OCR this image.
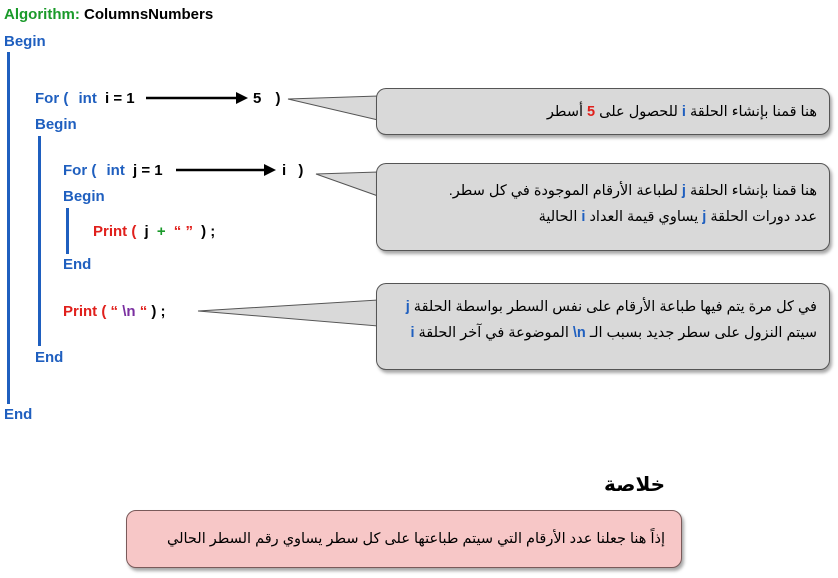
Algorithm: ColumnsNumbers
Begin
End
For ( int i = 1	5 )
Begin
End
For ( int j = 1	i )
Begin
End
Print ( j + “ ” ) ;
Print ( “ \n “ ) ;
هنا قمنا بإنشاء الحلقة i للحصول على 5 أسطر
هنا قمنا بإنشاء الحلقة j لطباعة الأرقام الموجودة في كل سطر.
عدد دورات الحلقة j يساوي قيمة العداد i الحالية
في كل مرة يتم فيها طباعة الأرقام على نفس السطر بواسطة الحلقة j
سيتم النزول على سطر جديد بسبب الـ \n الموضوعة في آخر الحلقة i
خلاصة
إذاً هنا جعلنا عدد الأرقام التي سيتم طباعتها على كل سطر يساوي رقم السطر الحالي
